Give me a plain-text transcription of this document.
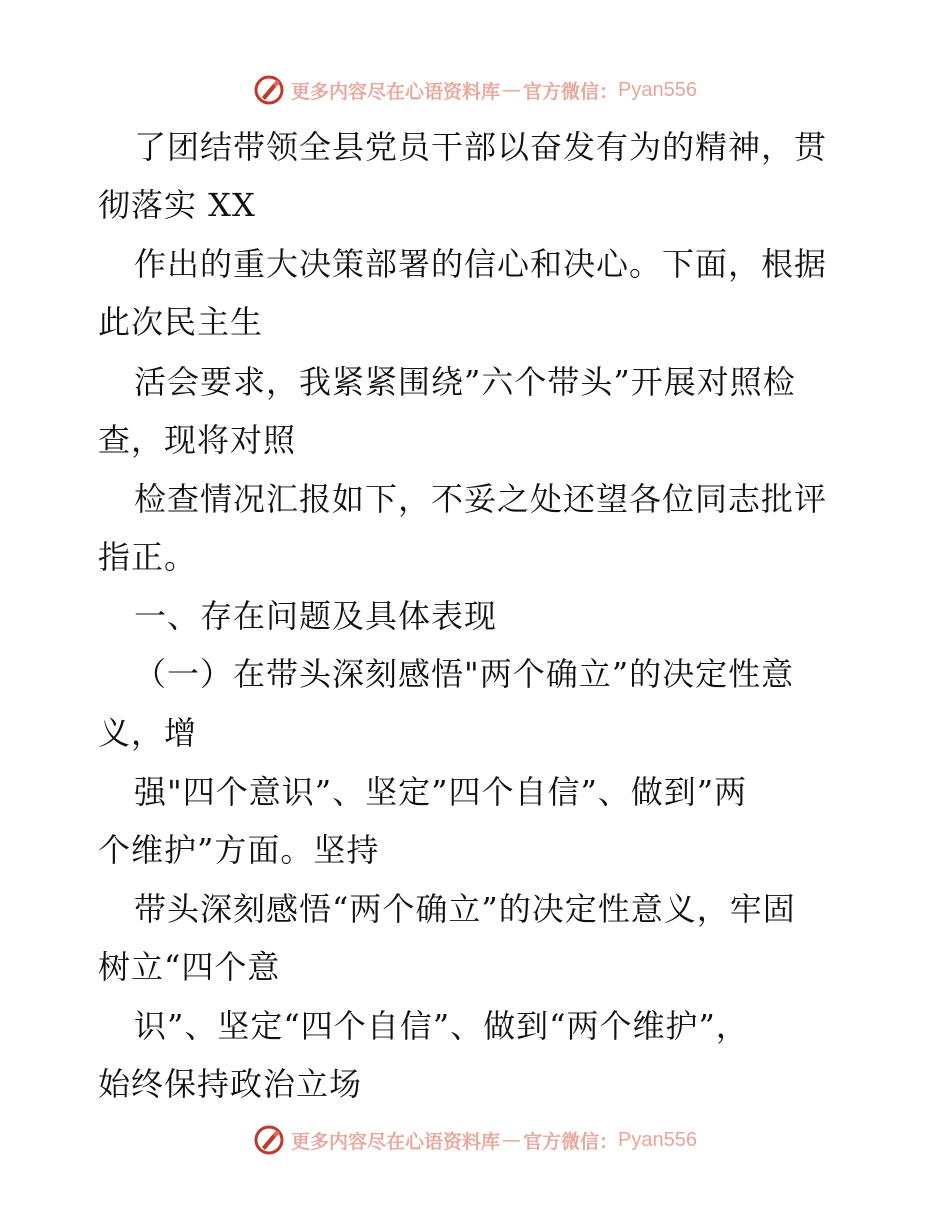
更多内容尽在心语资料库 — 官方微信： Pyan556
了团结带领全县党员干部以奋发有为的精神，贯
彻落实 XX
作出的重大决策部署的信心和决心。下面，根据
此次民主生
活会要求，我紧紧围绕”六个带头”开展对照检
查，现将对照
检查情况汇报如下，不妥之处还望各位同志批评
指正。
一、存在问题及具体表现
（一）在带头深刻感悟"两个确立”的决定性意
义，增
强"四个意识”、坚定”四个自信”、做到”两
个维护”方面。坚持
带头深刻感悟“两个确立”的决定性意义，牢固
树立“四个意
识”、坚定“四个自信”、做到“两个维护”，
始终保持政治立场
更多内容尽在心语资料库 — 官方微信： Pyan556
